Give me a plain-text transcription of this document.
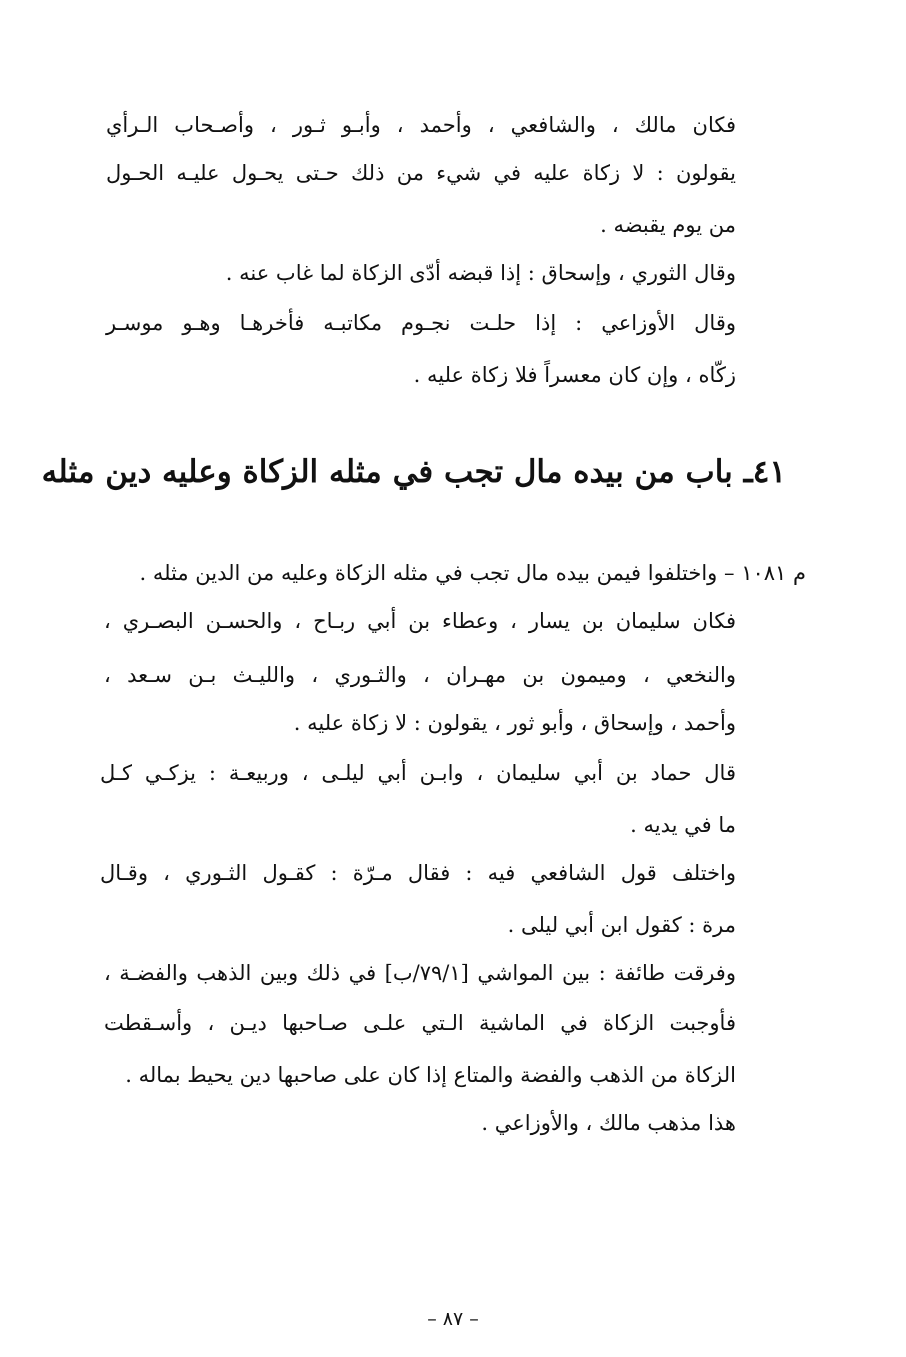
فكان مالك ، والشافعي ، وأحمد ، وأبـو ثـور ، وأصـحاب الـرأي
يقولون : لا زكاة عليه في شيء من ذلك حـتى يحـول عليـه الحـول
من يوم يقبضه .
وقال الثوري ، وإسحاق : إذا قبضه أدّى الزكاة لما غاب عنه .
وقال الأوزاعي : إذا حلـت نجـوم مكاتبـه فأخرهـا وهـو موسـر
زكّاه ، وإن كان معسراً فلا زكاة عليه .
٤١ـ باب من بيده مال تجب في مثله الزكاة وعليه دين مثله
م ١٠٨١ – واختلفوا فيمن بيده مال تجب في مثله الزكاة وعليه من الدين مثله .
فكان سليمان بن يسار ، وعطاء بن أبي ربـاح ، والحسـن البصـري ،
والنخعي ، وميمون بن مهـران ، والثـوري ، والليـث بـن سـعد ،
وأحمد ، وإسحاق ، وأبو ثور ، يقولون : لا زكاة عليه .
قال حماد بن أبي سليمان ، وابـن أبي ليلـى ، وربيعـة : يزكـي كـل
ما في يديه .
واختلف قول الشافعي فيه : فقال مـرّة : كقـول الثـوري ، وقـال
مرة : كقول ابن أبي ليلى .
وفرقت طائفة : بين المواشي [٧٩/١/ب] في ذلك وبين الذهب والفضـة ،
فأوجبت الزكاة في الماشية الـتي علـى صـاحبها ديـن ، وأسـقطت
الزكاة من الذهب والفضة والمتاع إذا كان على صاحبها دين يحيط بماله .
هذا مذهب مالك ، والأوزاعي .
– ٨٧ –
